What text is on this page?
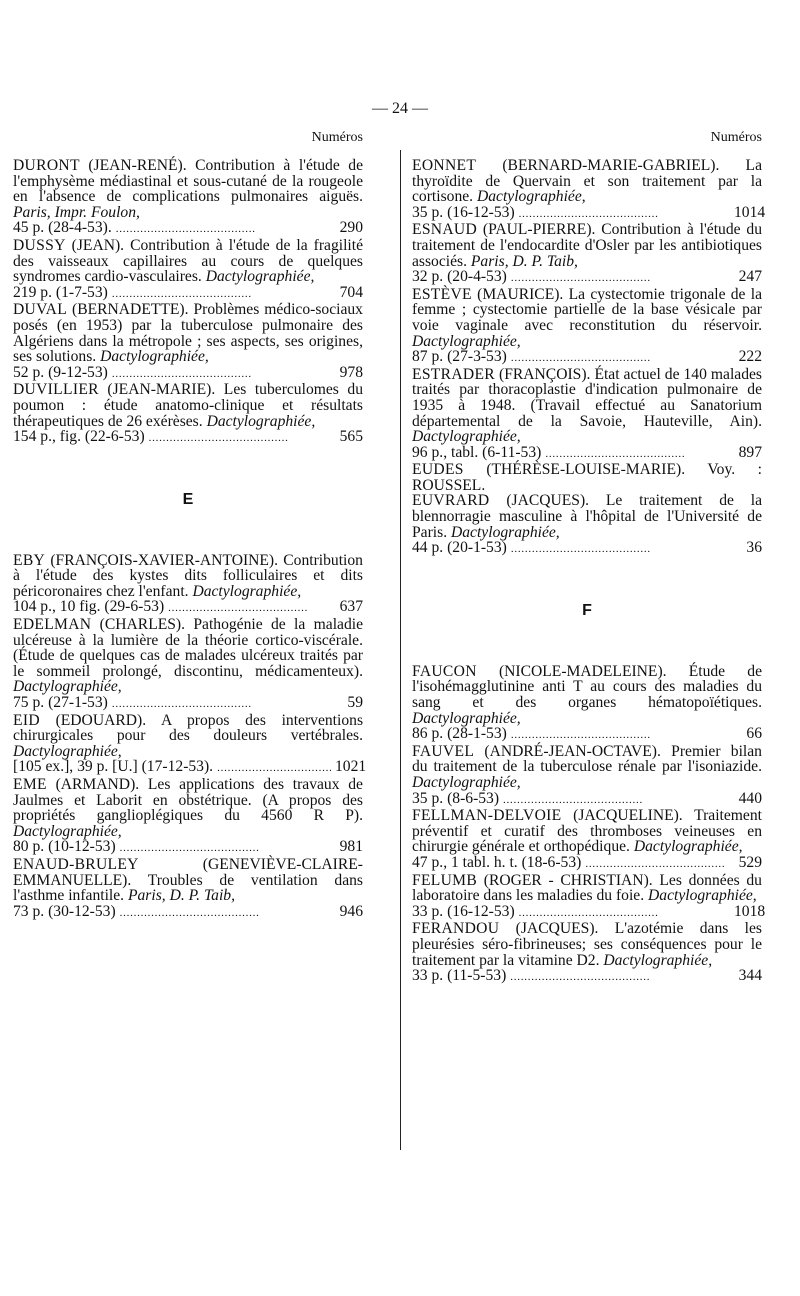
— 24 —
Numéros

DURONT (JEAN-RENÉ). Contribution à l'étude de l'emphysème médiastinal et sous-cutané de la rougeole en l'absence de complications pulmonaires aiguës. Paris, Impr. Foulon,

45 p. (28-4-53). . . .	290

DUSSY (JEAN). Contribution à l'étude de la fragilité des vaisseaux capillaires au cours de quelques syndromes cardio-vasculaires. Dactylographiée,

219 p. (1-7-53) . . .	704

DUVAL (BERNADETTE). Problèmes médico-sociaux posés (en 1953) par la tuberculose pulmonaire des Algériens dans la métropole ; ses aspects, ses origines, ses solutions. Dactylographiée,

52 p. (9-12-53) . . .	978

DUVILLIER (JEAN-MARIE). Les tuberculomes du poumon : étude anatomo-clinique et résultats thérapeutiques de 26 exérèses. Dactylographiée,

154 p., fig. (22-6-53) . . .	565
E

EBY (FRANÇOIS-XAVIER-ANTOINE). Contribution à l'étude des kystes dits folliculaires et dits péricoronaires chez l'enfant. Dactylographiée,

104 p., 10 fig. (29-6-53) . . .	637

EDELMAN (CHARLES). Pathogénie de la maladie ulcéreuse à la lumière de la théorie cortico-viscérale. (Étude de quelques cas de malades ulcéreux traités par le sommeil prolongé, discontinu, médicamenteux). Dactylographiée,

75 p. (27-1-53) . . .	59

EID (EDOUARD). A propos des interventions chirurgicales pour des douleurs vertébrales. Dactylographiée,

[105 ex.], 39 p. [U.] (17-12-53). . . .	1021

EME (ARMAND). Les applications des travaux de Jaulmes et Laborit en obstétrique. (A propos des propriétés ganglioplégiques du 4560 R P). Dactylographiée,

80 p. (10-12-53) . . .	981

ENAUD-BRULEY	(GENEVIÈVE-CLAIRE-EMMANUELLE). Troubles de ventilation dans l'asthme infantile. Paris, D. P. Taib,

73 p. (30-12-53) . . .	946
Numéros

EONNET (BERNARD-MARIE-GABRIEL). La thyroïdite de Quervain et son traitement par la cortisone. Dactylographiée,

35 p. (16-12-53) . . .	1014

ESNAUD (PAUL-PIERRE). Contribution à l'étude du traitement de l'endocardite d'Osler par les antibiotiques associés. Paris, D. P. Taib,

32 p. (20-4-53) . . .	247

ESTÈVE (MAURICE). La cystectomie trigonale de la femme ; cystectomie partielle de la base vésicale par voie vaginale avec reconstitution du réservoir. Dactylographiée,

87 p. (27-3-53) . . .	222

ESTRADER (FRANÇOIS). État actuel de 140 malades traités par thoracoplastie d'indication pulmonaire de 1935 à 1948. (Travail effectué au Sanatorium départemental de la Savoie, Hauteville, Ain). Dactylographiée,

96 p., tabl. (6-11-53) . . .	897

EUDES (THÉRÈSE-LOUISE-MARIE). Voy. : ROUSSEL.

EUVRARD (JACQUES). Le traitement de la blennorragie masculine à l'hôpital de l'Université de Paris. Dactylographiée,

44 p. (20-1-53) . . .	36
F

FAUCON (NICOLE-MADELEINE). Étude de l'isohémagglutinine anti T au cours des maladies du sang et des organes hématopoïétiques. Dactylographiée,

86 p. (28-1-53) . . .	66

FAUVEL (ANDRÉ-JEAN-OCTAVE). Premier bilan du traitement de la tuberculose rénale par l'isoniazide. Dactylographiée,

35 p. (8-6-53) . . .	440

FELLMAN-DELVOIE (JACQUELINE). Traitement préventif et curatif des thromboses veineuses en chirurgie générale et orthopédique. Dactylographiée,

47 p., 1 tabl. h. t. (18-6-53) . . .	529

FELUMB (ROGER - CHRISTIAN). Les données du laboratoire dans les maladies du foie. Dactylographiée,

33 p. (16-12-53) . . .	1018

FERANDOU (JACQUES). L'azotémie dans les pleurésies séro-fibrineuses; ses conséquences pour le traitement par la vitamine D2. Dactylographiée,

33 p. (11-5-53) . . .	344
